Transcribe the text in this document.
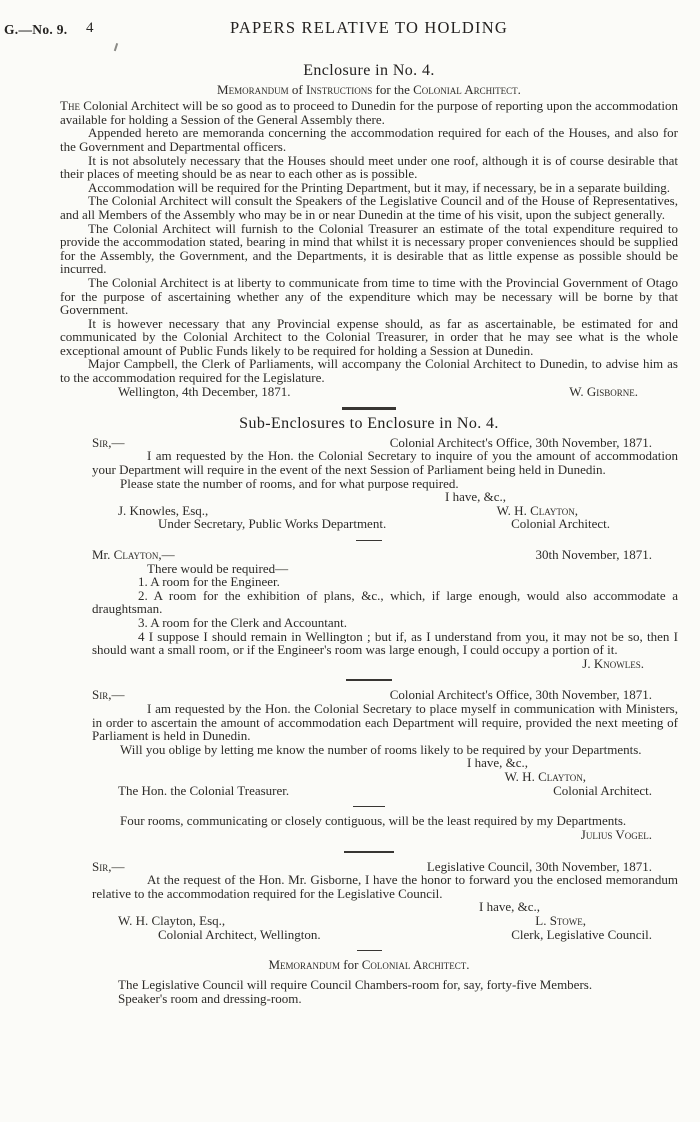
G.—No. 9. 4	PAPERS RELATIVE TO HOLDING
Enclosure in No. 4.
Memorandum of Instructions for the Colonial Architect.

The Colonial Architect will be so good as to proceed to Dunedin for the purpose of reporting upon the accommodation available for holding a Session of the General Assembly there.

Appended hereto are memoranda concerning the accommodation required for each of the Houses, and also for the Government and Departmental officers.

It is not absolutely necessary that the Houses should meet under one roof, although it is of course desirable that their places of meeting should be as near to each other as is possible.

Accommodation will be required for the Printing Department, but it may, if necessary, be in a separate building.

The Colonial Architect will consult the Speakers of the Legislative Council and of the House of Representatives, and all Members of the Assembly who may be in or near Dunedin at the time of his visit, upon the subject generally.

The Colonial Architect will furnish to the Colonial Treasurer an estimate of the total expenditure required to provide the accommodation stated, bearing in mind that whilst it is necessary proper conveniences should be supplied for the Assembly, the Government, and the Departments, it is desirable that as little expense as possible should be incurred.

The Colonial Architect is at liberty to communicate from time to time with the Provincial Government of Otago for the purpose of ascertaining whether any of the expenditure which may be necessary will be borne by that Government.

It is however necessary that any Provincial expense should, as far as ascertainable, be estimated for and communicated by the Colonial Architect to the Colonial Treasurer, in order that he may see what is the whole exceptional amount of Public Funds likely to be required for holding a Session at Dunedin.

Major Campbell, the Clerk of Parliaments, will accompany the Colonial Architect to Dunedin, to advise him as to the accommodation required for the Legislature.

Wellington, 4th December, 1871.	W. Gisborne.
Sub-Enclosures to Enclosure in No. 4.
Sir,—	Colonial Architect's Office, 30th November, 1871.

I am requested by the Hon. the Colonial Secretary to inquire of you the amount of accommodation your Department will require in the event of the next Session of Parliament being held in Dunedin.

Please state the number of rooms, and for what purpose required.

I have, &c.,
J. Knowles, Esq.,	W. H. Clayton,
Under Secretary, Public Works Department.	Colonial Architect.
Mr. Clayton,—	30th November, 1871.

There would be required—

1. A room for the Engineer.

2. A room for the exhibition of plans, &c., which, if large enough, would also accommodate a draughtsman.

3. A room for the Clerk and Accountant.

4 I suppose I should remain in Wellington ; but if, as I understand from you, it may not be so, then I should want a small room, or if the Engineer's room was large enough, I could occupy a portion of it.

J. Knowles.
Sir,—	Colonial Architect's Office, 30th November, 1871.

I am requested by the Hon. the Colonial Secretary to place myself in communication with Ministers, in order to ascertain the amount of accommodation each Department will require, provided the next meeting of Parliament is held in Dunedin.

Will you oblige by letting me know the number of rooms likely to be required by your Departments.

I have, &c.,
W. H. Clayton,
The Hon. the Colonial Treasurer.	Colonial Architect.

Four rooms, communicating or closely contiguous, will be the least required by my Departments.

Julius Vogel.
Sir,—	Legislative Council, 30th November, 1871.

At the request of the Hon. Mr. Gisborne, I have the honor to forward you the enclosed memorandum relative to the accommodation required for the Legislative Council.

I have, &c.,
W. H. Clayton, Esq.,	L. Stowe,
Colonial Architect, Wellington.	Clerk, Legislative Council.
Memorandum for Colonial Architect.

The Legislative Council will require Council Chambers-room for, say, forty-five Members.

Speaker's room and dressing-room.
